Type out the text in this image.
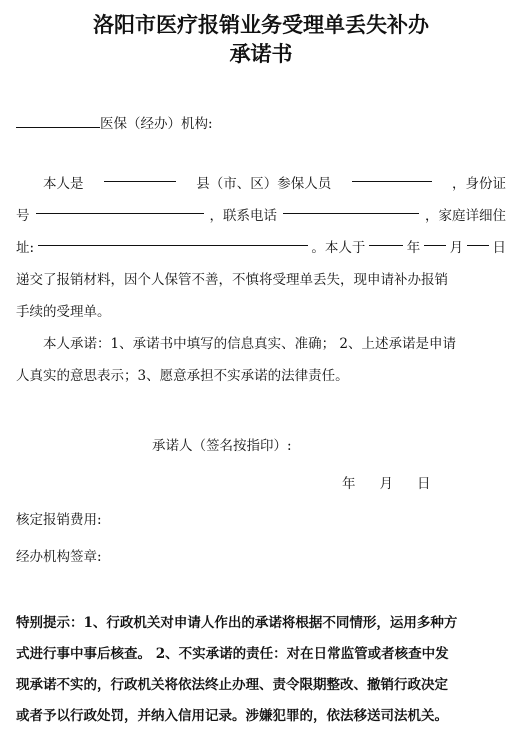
洛阳市医疗报销业务受理单丢失补办
承诺书
医保（经办）机构:
本人是	县（市、区）参保人员	，身份证
号	，联系电话	，家庭详细住
址:	。本人于	年 月 日
递交了报销材料，因个人保管不善，不慎将受理单丢失，现申请补办报销
手续的受理单。
本人承诺：1、承诺书中填写的信息真实、准确； 2、上述承诺是申请
人真实的意思表示；3、愿意承担不实承诺的法律责任。
承诺人（签名按指印）:
年 月 日
核定报销费用:
经办机构签章:
特别提示：1、行政机关对申请人作出的承诺将根据不同情形，运用多种方
式进行事中事后核查。 2、不实承诺的责任：对在日常监管或者核查中发
现承诺不实的，行政机关将依法终止办理、责令限期整改、撤销行政决定
或者予以行政处罚，并纳入信用记录。涉嫌犯罪的，依法移送司法机关。
